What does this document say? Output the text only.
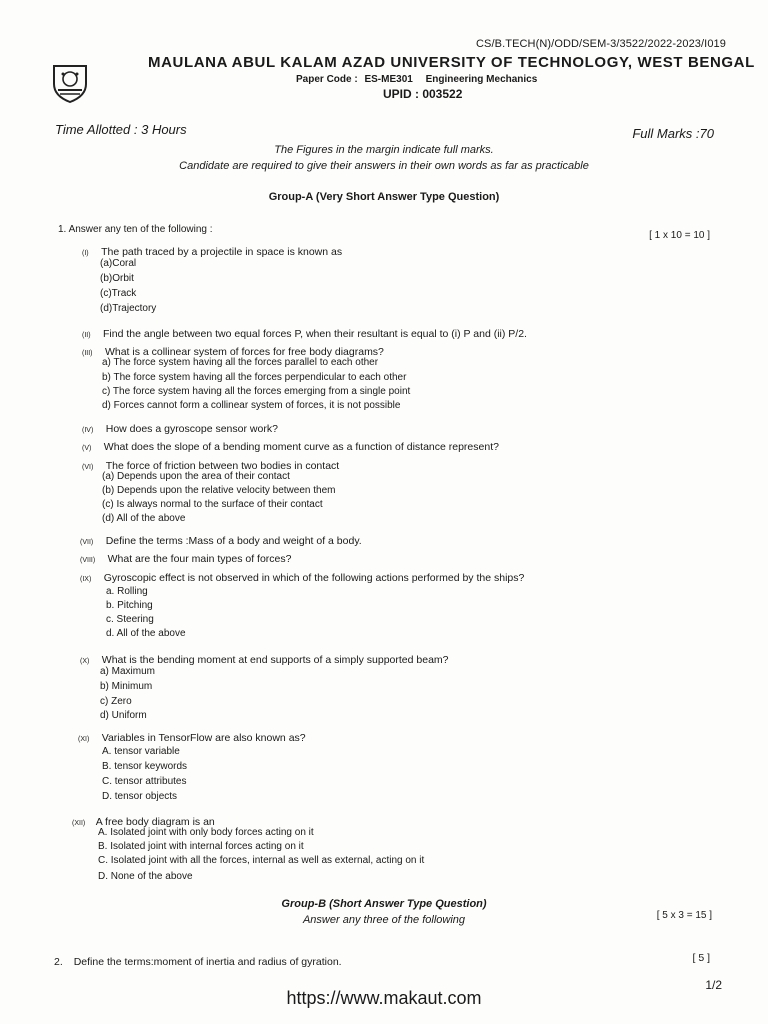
CS/B.TECH(N)/ODD/SEM-3/3522/2022-2023/I019
MAULANA ABUL KALAM AZAD UNIVERSITY OF TECHNOLOGY, WEST BENGAL
Paper Code : ES-ME301 Engineering Mechanics
UPID : 003522
Time Allotted : 3 Hours	Full Marks :70
The Figures in the margin indicate full marks.
Candidate are required to give their answers in their own words as far as practicable
Group-A (Very Short Answer Type Question)
1. Answer any ten of the following :
[ 1 x 10 = 10 ]
(I) The path traced by a projectile in space is known as
(a)Coral
(b)Orbit
(c)Track
(d)Trajectory
(II) Find the angle between two equal forces P, when their resultant is equal to (i) P and (ii) P/2.
(III) What is a collinear system of forces for free body diagrams?
a) The force system having all the forces parallel to each other
b) The force system having all the forces perpendicular to each other
c) The force system having all the forces emerging from a single point
d) Forces cannot form a collinear system of forces, it is not possible
(IV) How does a gyroscope sensor work?
(V) What does the slope of a bending moment curve as a function of distance represent?
(VI) The force of friction between two bodies in contact
(a) Depends upon the area of their contact
(b) Depends upon the relative velocity between them
(c) Is always normal to the surface of their contact
(d) All of the above
(VII) Define the terms :Mass of a body and weight of a body.
(VIII) What are the four main types of forces?
(IX) Gyroscopic effect is not observed in which of the following actions performed by the ships?
a. Rolling
b. Pitching
c. Steering
d. All of the above
(X) What is the bending moment at end supports of a simply supported beam?
a) Maximum
b) Minimum
c) Zero
d) Uniform
(XI) Variables in TensorFlow are also known as?
A. tensor variable
B. tensor keywords
C. tensor attributes
D. tensor objects
(XII) A free body diagram is an
A. Isolated joint with only body forces acting on it
B. Isolated joint with internal forces acting on it
C. Isolated joint with all the forces, internal as well as external, acting on it
D. None of the above
Group-B (Short Answer Type Question)
Answer any three of the following	[ 5 x 3 = 15 ]
2. Define the terms:moment of inertia and radius of gyration.	[ 5 ]
1/2
https://www.makaut.com
